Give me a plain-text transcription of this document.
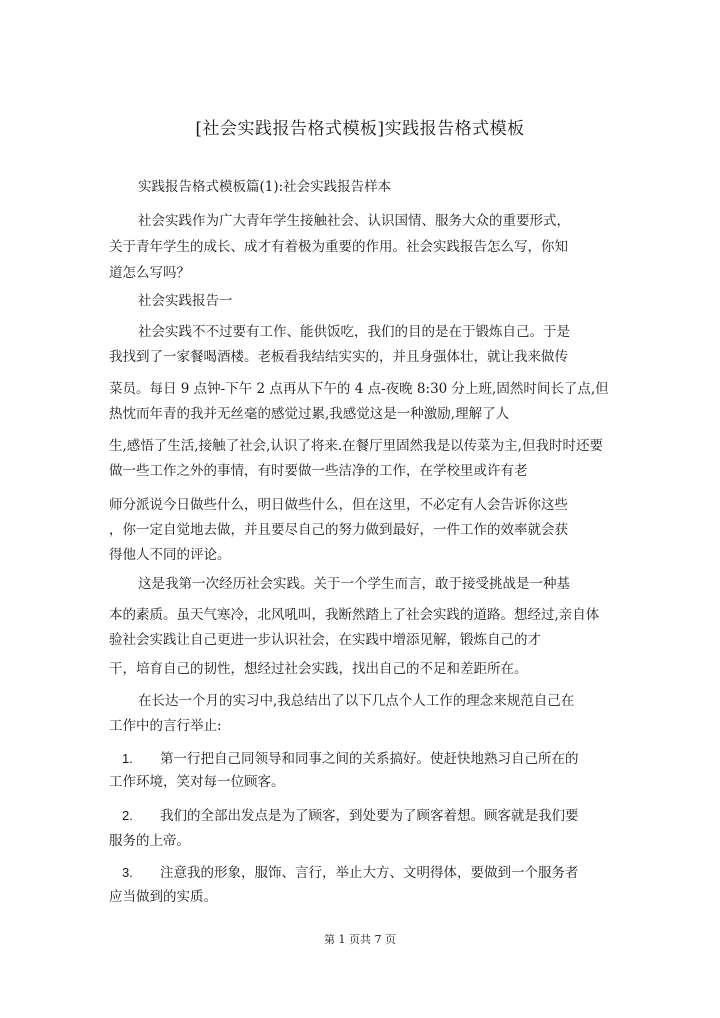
[社会实践报告格式模板]实践报告格式模板
实践报告格式模板篇(1):社会实践报告样本
社会实践作为广大青年学生接触社会、认识国情、服务大众的重要形式，
关于青年学生的成长、成才有着极为重要的作用。社会实践报告怎么写，你知
道怎么写吗？
社会实践报告一
社会实践不不过要有工作、能供饭吃，我们的目的是在于锻炼自己。于是
我找到了一家餐喝酒楼。老板看我结结实实的，并且身强体壮，就让我来做传
菜员。每日 9 点钟-下午 2 点再从下午的 4 点-夜晚 8:30 分上班,固然时间长了点,但
热忱而年青的我并无丝毫的感觉过累,我感觉这是一种激励,理解了人
生,感悟了生活,接触了社会,认识了将来.在餐厅里固然我是以传菜为主,但我时时还要
做一些工作之外的事情，有时要做一些洁净的工作，在学校里或许有老
师分派说今日做些什么，明日做些什么，但在这里，不必定有人会告诉你这些
，你一定自觉地去做，并且要尽自己的努力做到最好，一件工作的效率就会获
得他人不同的评论。
这是我第一次经历社会实践。关于一个学生而言，敢于接受挑战是一种基
本的素质。虽天气寒冷，北风吼叫，我断然踏上了社会实践的道路。想经过,亲自体
验社会实践让自己更进一步认识社会，在实践中增添见解，锻炼自己的才
干，培育自己的韧性，想经过社会实践，找出自己的不足和差距所在。
在长达一个月的实习中,我总结出了以下几点个人工作的理念来规范自己在
工作中的言行举止:
1. 第一行把自己同领导和同事之间的关系搞好。使赶快地熟习自己所在的
工作环境，笑对每一位顾客。
2. 我们的全部出发点是为了顾客，到处要为了顾客着想。顾客就是我们要
服务的上帝。
3. 注意我的形象，服饰、言行，举止大方、文明得体，要做到一个服务者
应当做到的实质。
第 1 页共 7 页
